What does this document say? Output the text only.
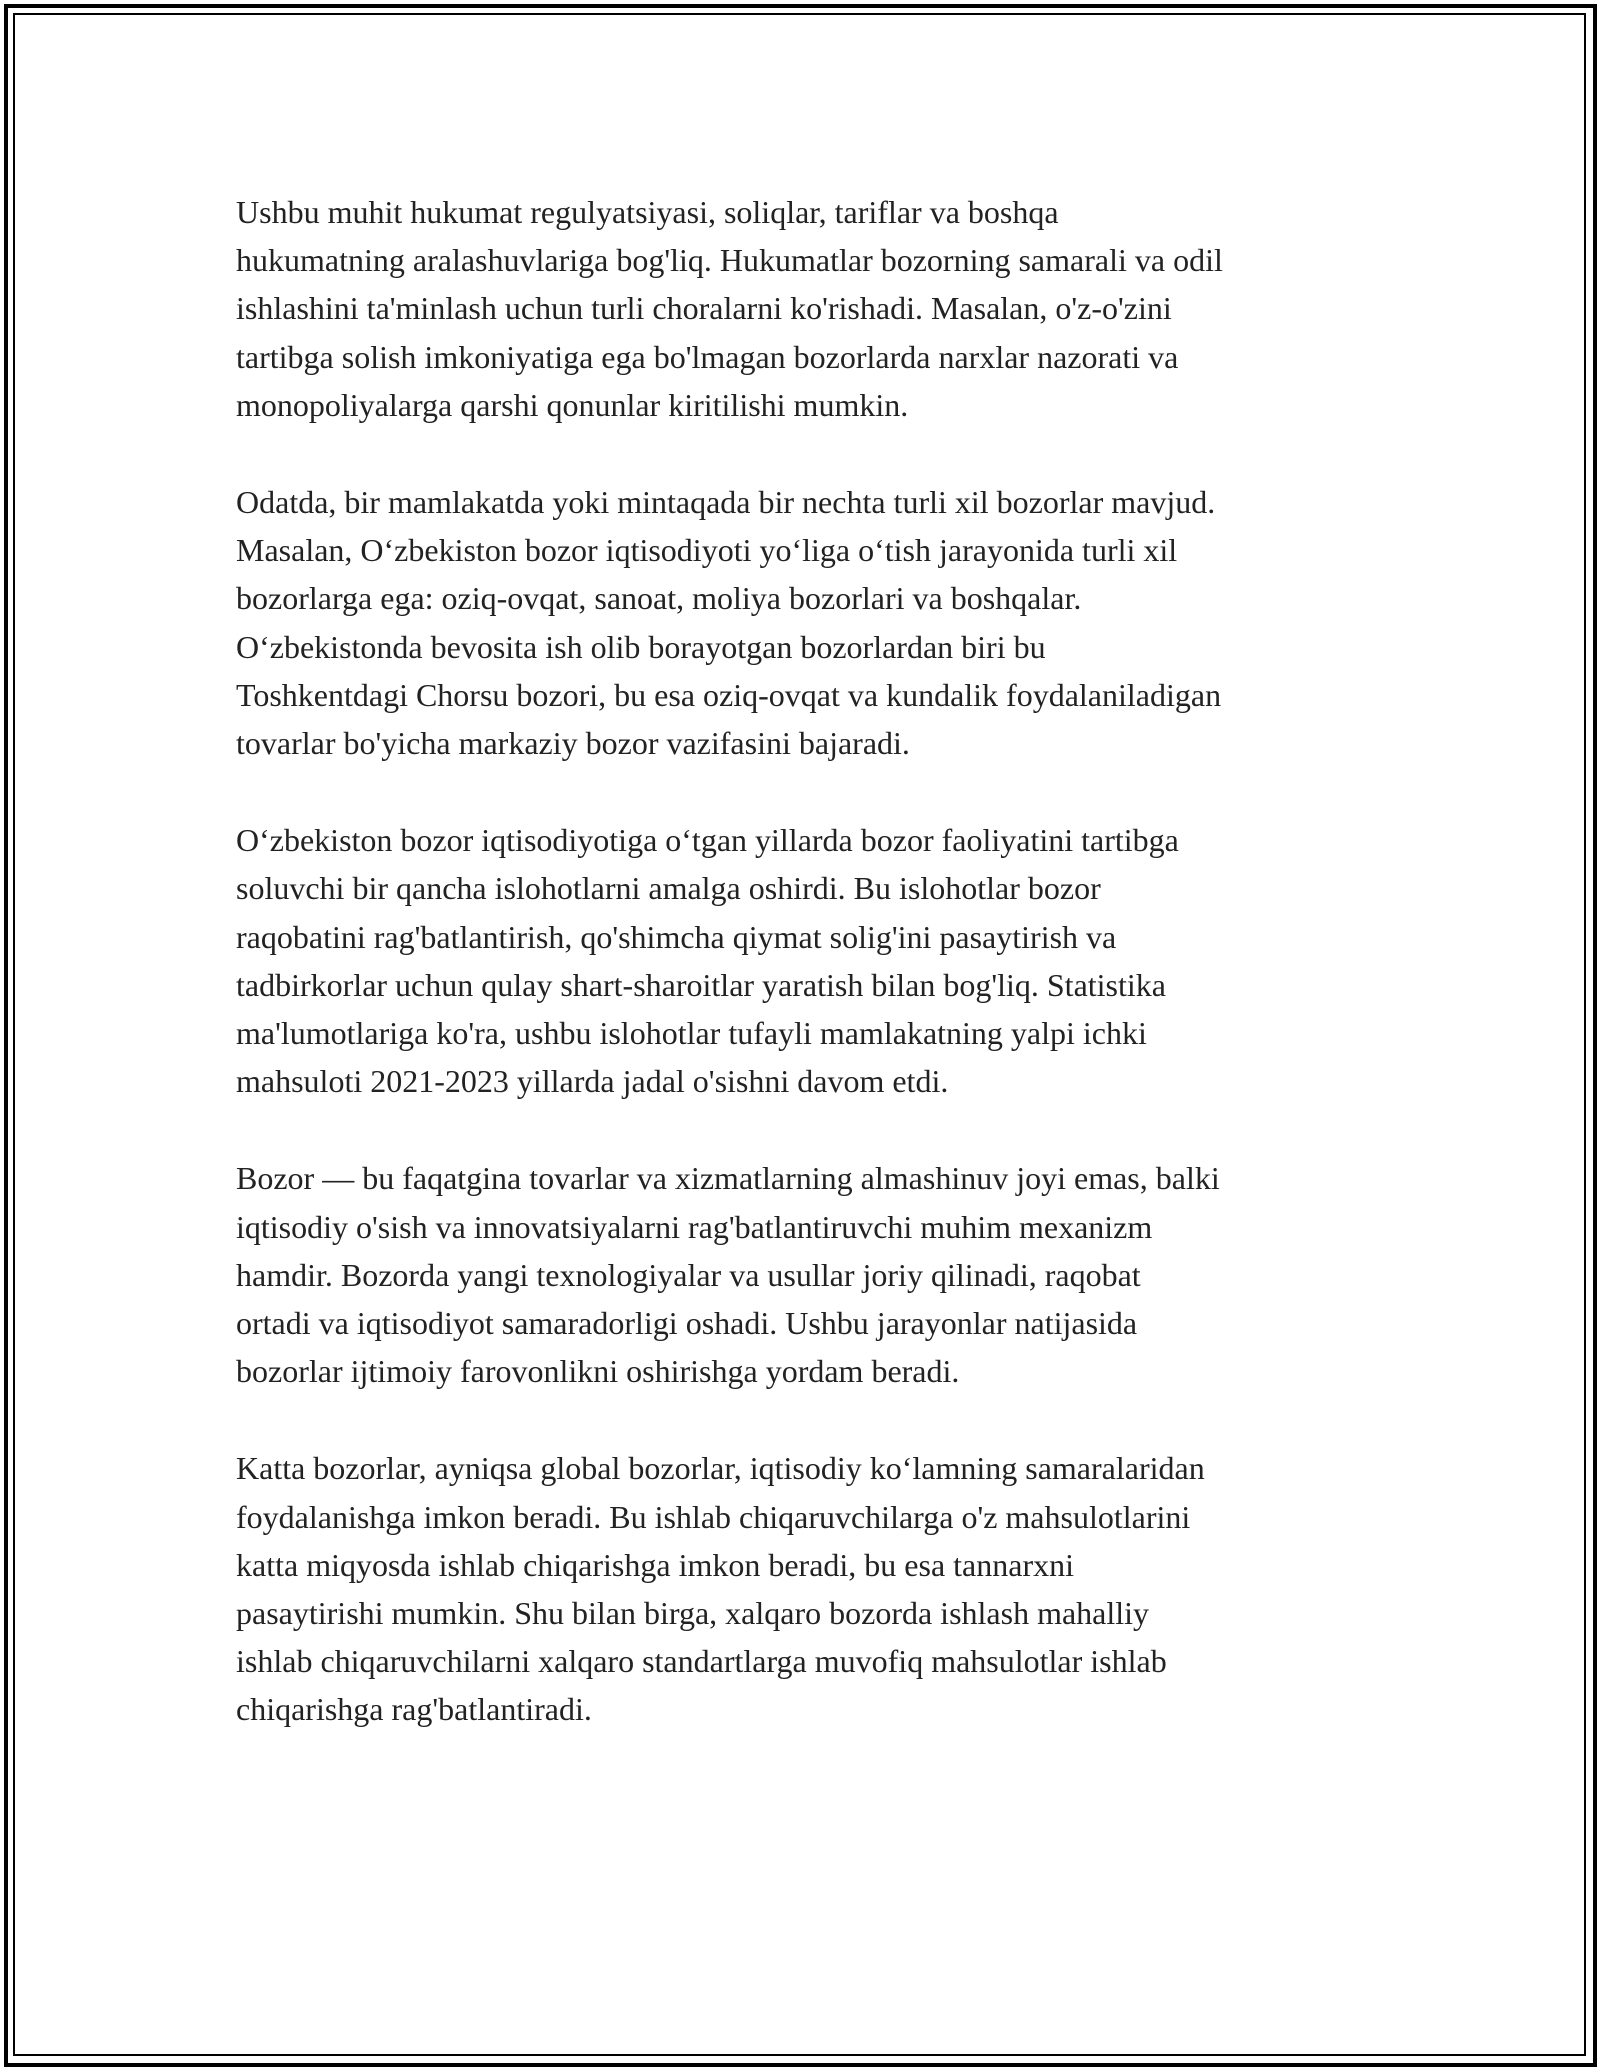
Ushbu muhit hukumat regulyatsiyasi, soliqlar, tariflar va boshqa
hukumatning aralashuvlariga bog'liq. Hukumatlar bozorning samarali va odil
ishlashini ta'minlash uchun turli choralarni ko'rishadi. Masalan, o'z-o'zini
tartibga solish imkoniyatiga ega bo'lmagan bozorlarda narxlar nazorati va
monopoliyalarga qarshi qonunlar kiritilishi mumkin.

Odatda, bir mamlakatda yoki mintaqada bir nechta turli xil bozorlar mavjud.
Masalan, Oʻzbekiston bozor iqtisodiyoti yoʻliga oʻtish jarayonida turli xil
bozorlarga ega: oziq-ovqat, sanoat, moliya bozorlari va boshqalar.
Oʻzbekistonda bevosita ish olib borayotgan bozorlardan biri bu
Toshkentdagi Chorsu bozori, bu esa oziq-ovqat va kundalik foydalaniladigan
tovarlar bo'yicha markaziy bozor vazifasini bajaradi.

Oʻzbekiston bozor iqtisodiyotiga oʻtgan yillarda bozor faoliyatini tartibga
soluvchi bir qancha islohotlarni amalga oshirdi. Bu islohotlar bozor
raqobatini rag'batlantirish, qo'shimcha qiymat solig'ini pasaytirish va
tadbirkorlar uchun qulay shart-sharoitlar yaratish bilan bog'liq. Statistika
ma'lumotlariga ko'ra, ushbu islohotlar tufayli mamlakatning yalpi ichki
mahsuloti 2021-2023 yillarda jadal o'sishni davom etdi.

Bozor — bu faqatgina tovarlar va xizmatlarning almashinuv joyi emas, balki
iqtisodiy o'sish va innovatsiyalarni rag'batlantiruvchi muhim mexanizm
hamdir. Bozorda yangi texnologiyalar va usullar joriy qilinadi, raqobat
ortadi va iqtisodiyot samaradorligi oshadi. Ushbu jarayonlar natijasida
bozorlar ijtimoiy farovonlikni oshirishga yordam beradi.

Katta bozorlar, ayniqsa global bozorlar, iqtisodiy koʻlamning samaralaridan
foydalanishga imkon beradi. Bu ishlab chiqaruvchilarga o'z mahsulotlarini
katta miqyosda ishlab chiqarishga imkon beradi, bu esa tannarxni
pasaytirishi mumkin. Shu bilan birga, xalqaro bozorda ishlash mahalliy
ishlab chiqaruvchilarni xalqaro standartlarga muvofiq mahsulotlar ishlab
chiqarishga rag'batlantiradi.
